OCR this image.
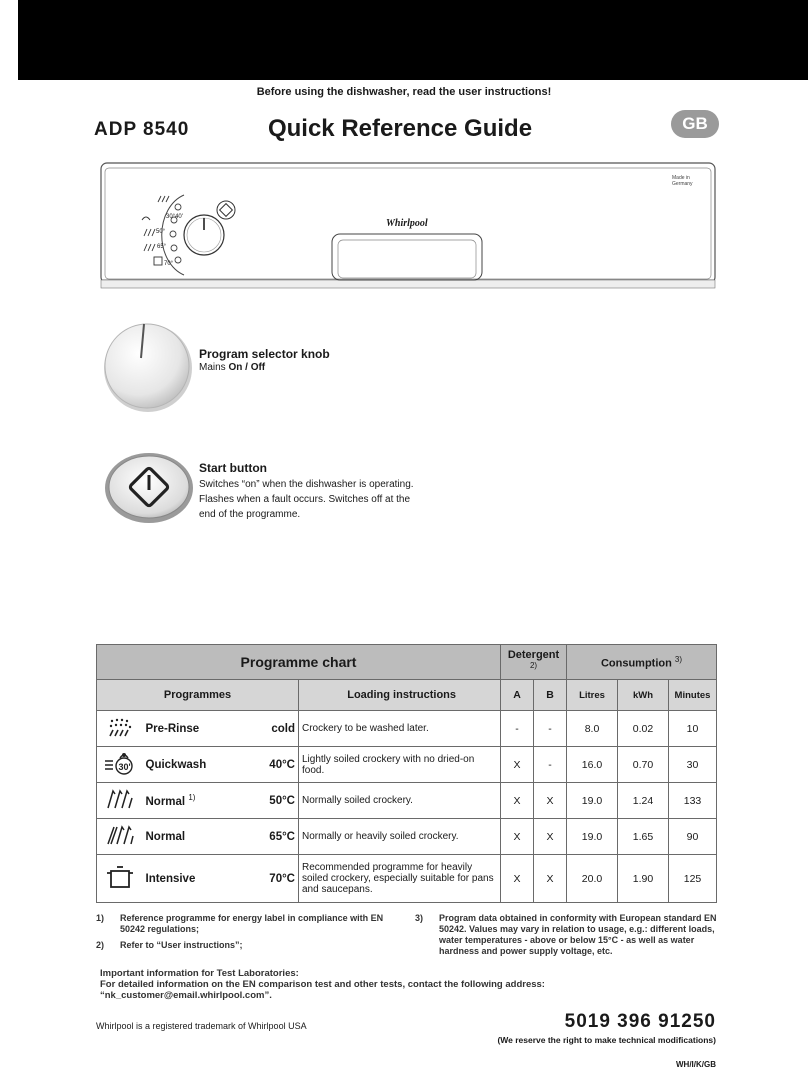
Before using the dishwasher, read the user instructions!
ADP 8540	Quick Reference Guide	GB
30°40'
50°
65°
70°
Whirlpool
Made in
Germany
Program selector knob
Mains On / Off
Start button
Switches “on” when the dishwasher is operating. Flashes when a fault occurs. Switches off at the end of the programme.
Programme chart				Detergent $^{2)}$		Consumption $^{3)}$
Programmes			Loading instructions	A	B	Litres	kWh	Minutes
	Pre-Rinse	cold	Crockery to be washed later.	-	-	8.0	0.02	10

30'	Quickwash	40°C	Lightly soiled crockery with no dried-on food.	X	-	16.0	0.70	30
	Normal $^{1)}$	50°C	Normally soiled crockery.	X	X	19.0	1.24	133
	Normal	65°C	Normally or heavily soiled crockery.	X	X	19.0	1.65	90
	Intensive	70°C	Recommended programme for heavily soiled crockery, especially suitable for pans and saucepans.	X	X	20.0	1.90	125
1) Reference programme for energy label in compliance with EN 50242 regulations;
2) Refer to “User instructions”;
3) Program data obtained in conformity with European standard EN 50242. Values may vary in relation to usage, e.g.: different loads, water temperatures - above or below 15°C - as well as water hardness and power supply voltage, etc.
Important information for Test Laboratories:
For detailed information on the EN comparison test and other tests, contact the following address:
“nk_customer@email.whirlpool.com”.
Whirlpool is a registered trademark of Whirlpool USA	5019 396 91250
(We reserve the right to make technical modifications)
WH/I/K/GB
